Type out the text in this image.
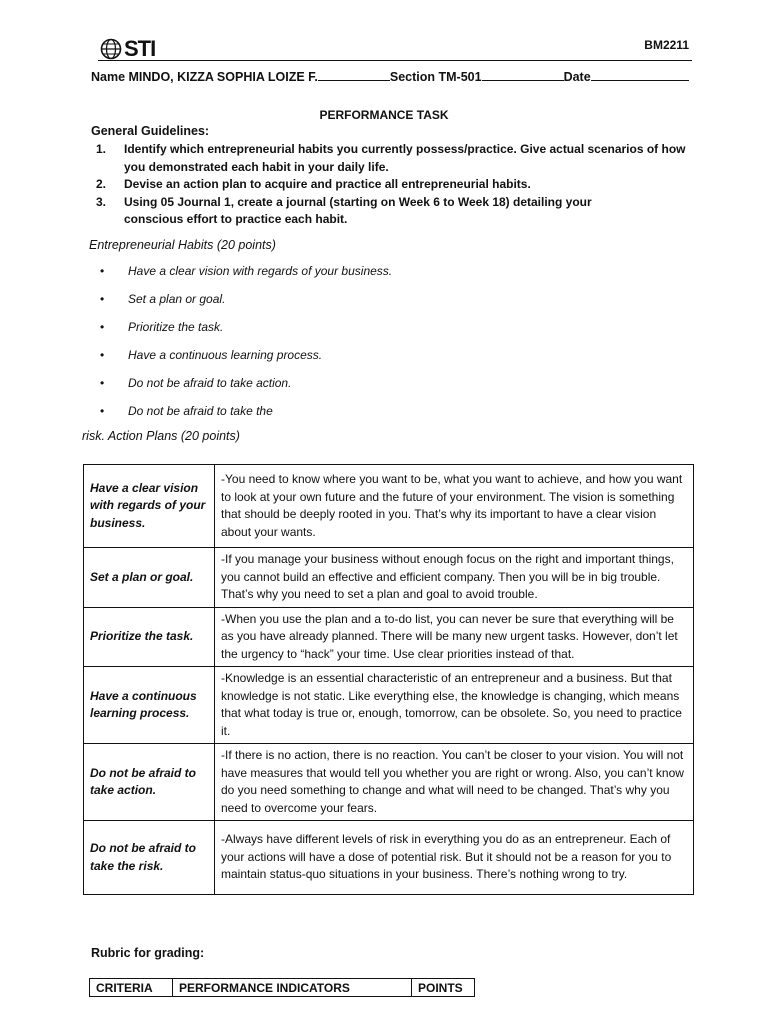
STI	BM2211
Name MINDO, KIZZA SOPHIA LOIZE F.	Section TM-501	Date
PERFORMANCE TASK
General Guidelines:
1.	Identify which entrepreneurial habits you currently possess/practice. Give actual scenarios of how you demonstrated each habit in your daily life.
2.	Devise an action plan to acquire and practice all entrepreneurial habits.
3.	Using 05 Journal 1, create a journal (starting on Week 6 to Week 18) detailing your conscious effort to practice each habit.
Entrepreneurial Habits (20 points)
•	Have a clear vision with regards of your business.
•	Set a plan or goal.
•	Prioritize the task.
•	Have a continuous learning process.
•	Do not be afraid to take action.
•	Do not be afraid to take the
risk. Action Plans (20 points)
Have a clear vision with regards of your business.	-You need to know where you want to be, what you want to achieve, and how you want to look at your own future and the future of your environment. The vision is something that should be deeply rooted in you. That’s why its important to have a clear vision about your wants.
Set a plan or goal.	-If you manage your business without enough focus on the right and important things, you cannot build an effective and efficient company. Then you will be in big trouble. That’s why you need to set a plan and goal to avoid trouble.
Prioritize the task.	-When you use the plan and a to-do list, you can never be sure that everything will be as you have already planned. There will be many new urgent tasks. However, don’t let the urgency to “hack” your time. Use clear priorities instead of that.
Have a continuous learning process.	-Knowledge is an essential characteristic of an entrepreneur and a business. But that knowledge is not static. Like everything else, the knowledge is changing, which means that what today is true or, enough, tomorrow, can be obsolete. So, you need to practice it.
Do not be afraid to take action.	-If there is no action, there is no reaction. You can’t be closer to your vision. You will not have measures that would tell you whether you are right or wrong. Also, you can’t know do you need something to change and what will need to be changed. That’s why you need to overcome your fears.
Do not be afraid to take the risk.	-Always have different levels of risk in everything you do as an entrepreneur. Each of your actions will have a dose of potential risk. But it should not be a reason for you to maintain status-quo situations in your business. There’s nothing wrong to try.
Rubric for grading:
CRITERIA	PERFORMANCE INDICATORS	POINTS
